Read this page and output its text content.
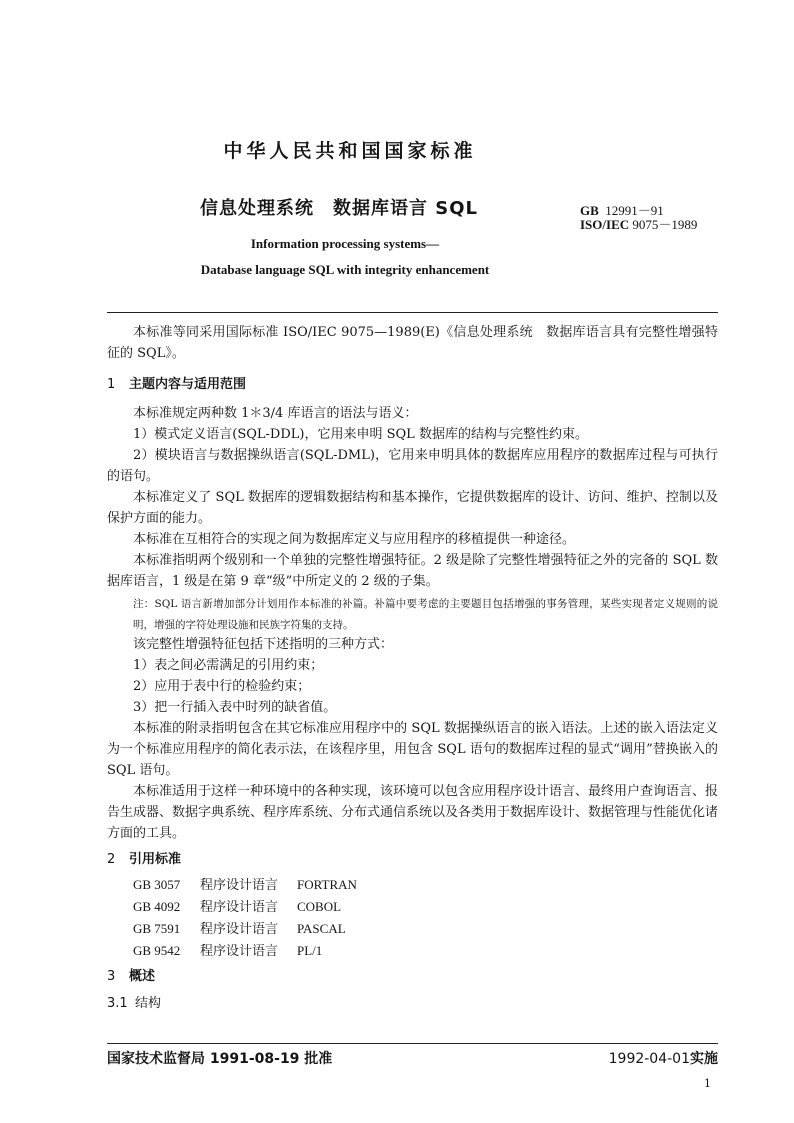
中华人民共和国国家标准
信息处理系统　数据库语言 SQL	GB 12991－91
ISO/IEC 9075－1989
Information processing systems—
Database language SQL with integrity enhancement
本标准等同采用国际标准 ISO/IEC 9075—1989(E)《信息处理系统　数据库语言具有完整性增强特征的 SQL》。
1 主题内容与适用范围
本标准规定两种数 1＊3/4 库语言的语法与语义：
1）模式定义语言(SQL-DDL)，它用来申明 SQL 数据库的结构与完整性约束。
2）模块语言与数据操纵语言(SQL-DML)，它用来申明具体的数据库应用程序的数据库过程与可执行的语句。
本标准定义了 SQL 数据库的逻辑数据结构和基本操作，它提供数据库的设计、访问、维护、控制以及保护方面的能力。
本标准在互相符合的实现之间为数据库定义与应用程序的移植提供一种途径。
本标准指明两个级别和一个单独的完整性增强特征。2 级是除了完整性增强特征之外的完备的 SQL 数据库语言，1 级是在第 9 章“级”中所定义的 2 级的子集。
注：SQL 语言新增加部分计划用作本标准的补篇。补篇中要考虑的主要题目包括增强的事务管理，某些实现者定义规则的说明，增强的字符处理设施和民族字符集的支持。
该完整性增强特征包括下述指明的三种方式：
1）表之间必需满足的引用约束；
2）应用于表中行的检验约束；
3）把一行插入表中时列的缺省值。
本标准的附录指明包含在其它标准应用程序中的 SQL 数据操纵语言的嵌入语法。上述的嵌入语法定义为一个标准应用程序的简化表示法，在该程序里，用包含 SQL 语句的数据库过程的显式“调用”替换嵌入的 SQL 语句。
本标准适用于这样一种环境中的各种实现，该环境可以包含应用程序设计语言、最终用户查询语言、报告生成器、数据字典系统、程序库系统、分布式通信系统以及各类用于数据库设计、数据管理与性能优化诸方面的工具。
2 引用标准
GB 3057 程序设计语言 FORTRAN
GB 4092 程序设计语言 COBOL
GB 7591 程序设计语言 PASCAL
GB 9542 程序设计语言 PL/1
3 概述
3.1 结构
国家技术监督局 1991-08-19 批准	1992-04-01实施
1
